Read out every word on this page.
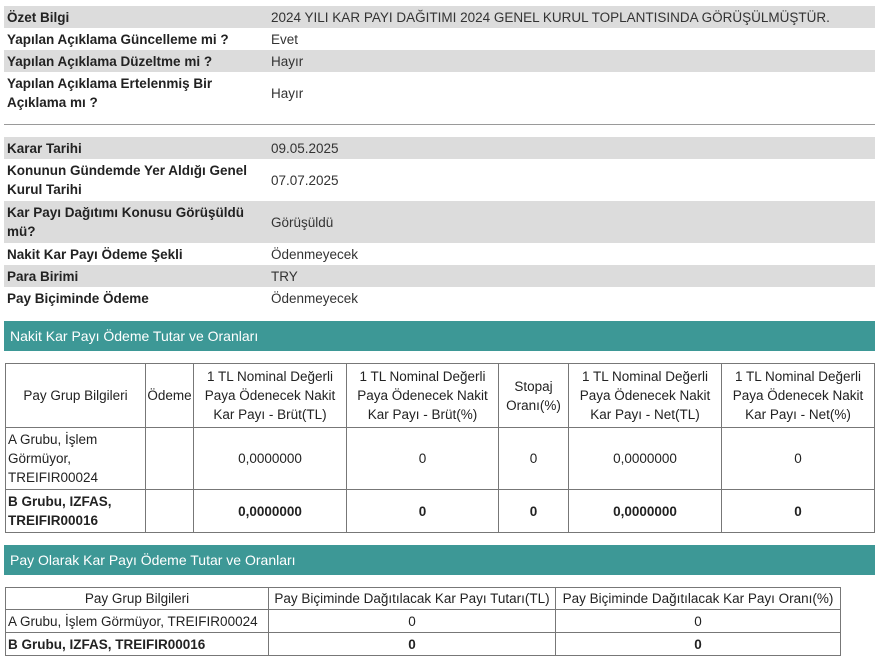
Özet Bilgi	2024 YILI KAR PAYI DAĞITIMI 2024 GENEL KURUL TOPLANTISINDA GÖRÜŞÜLMÜŞTÜR.
Yapılan Açıklama Güncelleme mi ?	Evet
Yapılan Açıklama Düzeltme mi ?	Hayır
Yapılan Açıklama Ertelenmiş Bir Açıklama mı ?	Hayır
Karar Tarihi	09.05.2025
Konunun Gündemde Yer Aldığı Genel Kurul Tarihi	07.07.2025
Kar Payı Dağıtımı Konusu Görüşüldü mü?	Görüşüldü
Nakit Kar Payı Ödeme Şekli	Ödenmeyecek
Para Birimi	TRY
Pay Biçiminde Ödeme	Ödenmeyecek
Nakit Kar Payı Ödeme Tutar ve Oranları
Pay Grup Bilgileri	Ödeme	1 TL Nominal Değerli Paya Ödenecek Nakit Kar Payı - Brüt(TL)	1 TL Nominal Değerli Paya Ödenecek Nakit Kar Payı - Brüt(%)	Stopaj Oranı(%)	1 TL Nominal Değerli Paya Ödenecek Nakit Kar Payı - Net(TL)	1 TL Nominal Değerli Paya Ödenecek Nakit Kar Payı - Net(%)
A Grubu, İşlem Görmüyor, TREIFIR00024		0,0000000	0	0	0,0000000	0
B Grubu, IZFAS, TREIFIR00016		0,0000000	0	0	0,0000000	0
Pay Olarak Kar Payı Ödeme Tutar ve Oranları
Pay Grup Bilgileri	Pay Biçiminde Dağıtılacak Kar Payı Tutarı(TL)	Pay Biçiminde Dağıtılacak Kar Payı Oranı(%)
A Grubu, İşlem Görmüyor, TREIFIR00024	0	0
B Grubu, IZFAS, TREIFIR00016	0	0
